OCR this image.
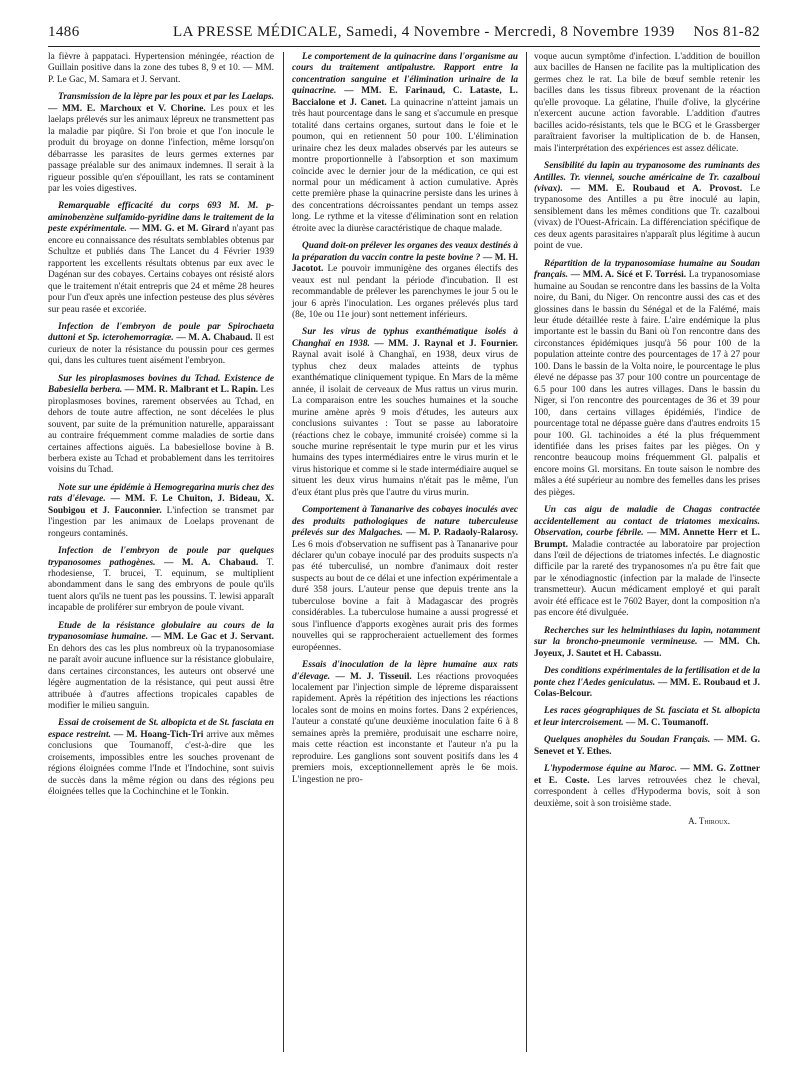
1486	LA PRESSE MÉDICALE, Samedi, 4 Novembre - Mercredi, 8 Novembre 1939 Nos 81-82

la fièvre à pappataci. Hypertension méningée, réaction de Guillain positive dans la zone des tubes 8, 9 et 10. — MM. P. Le Gac, M. Samara et J. Servant.

Transmission de la lèpre par les poux et par les Laelaps. — MM. E. Marchoux et V. Chorine. Les poux et les laelaps prélevés sur les animaux lépreux ne transmettent pas la maladie par piqûre. Si l'on broie et que l'on inocule le produit du broyage on donne l'infection, même lorsqu'on débarrasse les parasites de leurs germes externes par passage préalable sur des animaux indemnes. Il serait à la rigueur possible qu'en s'épouillant, les rats se contaminent par les voies digestives.

Remarquable efficacité du corps 693 M. M. p-aminobenzène sulfamido-pyridine dans le traitement de la peste expérimentale. — MM. G. et M. Girard n'ayant pas encore eu connaissance des résultats semblables obtenus par Schultze et publiés dans The Lancet du 4 Février 1939 rapportent les excellents résultats obtenus par eux avec le Dagénan sur des cobayes. Certains cobayes ont résisté alors que le traitement n'était entrepris que 24 et même 28 heures pour l'un d'eux après une infection pesteuse des plus sévères sur peau rasée et excoriée.

Infection de l'embryon de poule par Spirochaeta duttoni et Sp. icterohemorragiæ. — M. A. Chabaud. Il est curieux de noter la résistance du poussin pour ces germes qui, dans les cultures tuent aisément l'embryon.

Sur les piroplasmoses bovines du Tchad. Existence de Babesiella berbera. — MM. R. Malbrant et L. Rapin. Les piroplasmoses bovines, rarement observées au Tchad, en dehors de toute autre affection, ne sont décelées le plus souvent, par suite de la prémunition naturelle, apparaissant au contraire fréquemment comme maladies de sortie dans certaines affections aiguës. La babesiellose bovine à B. berbera existe au Tchad et probablement dans les territoires voisins du Tchad.

Note sur une épidémie à Hemogregarina muris chez des rats d'élevage. — MM. F. Le Chuiton, J. Bideau, X. Soubigou et J. Fauconnier. L'infection se transmet par l'ingestion par les animaux de Loelaps provenant de rongeurs contaminés.

Infection de l'embryon de poule par quelques trypanosomes pathogènes. — M. A. Chabaud. T. rhodesiense, T. brucei, T. equinum, se multiplient abondamment dans le sang des embryons de poule qu'ils tuent alors qu'ils ne tuent pas les poussins. T. lewisi apparaît incapable de proliférer sur embryon de poule vivant.

Etude de la résistance globulaire au cours de la trypanosomiase humaine. — MM. Le Gac et J. Servant. En dehors des cas les plus nombreux où la trypanosomiase ne paraît avoir aucune influence sur la résistance globulaire, dans certaines circonstances, les auteurs ont observé une légère augmentation de la résistance, qui peut aussi être attribuée à d'autres affections tropicales capables de modifier le milieu sanguin.

Essai de croisement de St. albopicta et de St. fasciata en espace restreint. — M. Hoang-Tich-Tri arrive aux mêmes conclusions que Toumanoff, c'est-à-dire que les croisements, impossibles entre les souches provenant de régions éloignées comme l'Inde et l'Indochine, sont suivis de succès dans la même région ou dans des régions peu éloignées telles que la Cochinchine et le Tonkin.

Le comportement de la quinacrine dans l'organisme au cours du traitement antipalustre. Rapport entre la concentration sanguine et l'élimination urinaire de la quinacrine. — MM. E. Farinaud, C. Lataste, L. Baccialone et J. Canet. La quinacrine n'atteint jamais un très haut pourcentage dans le sang et s'accumule en presque totalité dans certains organes, surtout dans le foie et le poumon, qui en retiennent 50 pour 100. L'élimination urinaire chez les deux malades observés par les auteurs se montre proportionnelle à l'absorption et son maximum coïncide avec le dernier jour de la médication, ce qui est normal pour un médicament à action cumulative. Après cette première phase la quinacrine persiste dans les urines à des concentrations décroissantes pendant un temps assez long. Le rythme et la vitesse d'élimination sont en relation étroite avec la diurèse caractéristique de chaque malade.

Quand doit-on prélever les organes des veaux destinés à la préparation du vaccin contre la peste bovine ? — M. H. Jacotot. Le pouvoir immunigène des organes électifs des veaux est nul pendant la période d'incubation. Il est recommandable de prélever les parenchymes le jour 5 ou le jour 6 après l'inoculation. Les organes prélevés plus tard (8e, 10e ou 11e jour) sont nettement inférieurs.

Sur les virus de typhus exanthématique isolés à Changhaï en 1938. — MM. J. Raynal et J. Fournier. Raynal avait isolé à Changhaï, en 1938, deux virus de typhus chez deux malades atteints de typhus exanthématique cliniquement typique. En Mars de la même année, il isolait de cerveaux de Mus rattus un virus murin. La comparaison entre les souches humaines et la souche murine amène après 9 mois d'études, les auteurs aux conclusions suivantes : Tout se passe au laboratoire (réactions chez le cobaye, immunité croisée) comme si la souche murine représentait le type murin pur et les virus humains des types intermédiaires entre le virus murin et le virus historique et comme si le stade intermédiaire auquel se situent les deux virus humains n'était pas le même, l'un d'eux étant plus près que l'autre du virus murin.

Comportement à Tananarive des cobayes inoculés avec des produits pathologiques de nature tuberculeuse prélevés sur des Malgaches. — M. P. Radaoly-Ralarosy. Les 6 mois d'observation ne suffisent pas à Tananarive pour déclarer qu'un cobaye inoculé par des produits suspects n'a pas été tuberculisé, un nombre d'animaux doit rester suspects au bout de ce délai et une infection expérimentale a duré 358 jours. L'auteur pense que depuis trente ans la tuberculose bovine a fait à Madagascar des progrès considérables. La tuberculose humaine a aussi progressé et sous l'influence d'apports exogènes aurait pris des formes nouvelles qui se rapprocheraient actuellement des formes européennes.

Essais d'inoculation de la lèpre humaine aux rats d'élevage. — M. J. Tisseuil. Les réactions provoquées localement par l'injection simple de lépreme disparaissent rapidement. Après la répétition des injections les réactions locales sont de moins en moins fortes. Dans 2 expériences, l'auteur a constaté qu'une deuxième inoculation faite 6 à 8 semaines après la première, produisait une escharre noire, mais cette réaction est inconstante et l'auteur n'a pu la reproduire. Les ganglions sont souvent positifs dans les 4 premiers mois, exceptionnellement après le 6e mois. L'ingestion ne pro-

voque aucun symptôme d'infection. L'addition de bouillon aux bacilles de Hansen ne facilite pas la multiplication des germes chez le rat. La bile de bœuf semble retenir les bacilles dans les tissus fibreux provenant de la réaction qu'elle provoque. La gélatine, l'huile d'olive, la glycérine n'exercent aucune action favorable. L'addition d'autres bacilles acido-résistants, tels que le BCG et le Grassberger paraîtraient favoriser la multiplication de b. de Hansen, mais l'interprétation des expériences est assez délicate.

Sensibilité du lapin au trypanosome des ruminants des Antilles. Tr. viennei, souche américaine de Tr. cazalboui (vivax). — MM. E. Roubaud et A. Provost. Le trypanosome des Antilles a pu être inoculé au lapin, sensiblement dans les mêmes conditions que Tr. cazalboui (vivax) de l'Ouest-Africain. La différenciation spécifique de ces deux agents parasitaires n'apparaît plus légitime à aucun point de vue.

Répartition de la trypanosomiase humaine au Soudan français. — MM. A. Sicé et F. Torrési. La trypanosomiase humaine au Soudan se rencontre dans les bassins de la Volta noire, du Bani, du Niger. On rencontre aussi des cas et des glossines dans le bassin du Sénégal et de la Falémé, mais leur étude détaillée reste à faire. L'aire endémique la plus importante est le bassin du Bani où l'on rencontre dans des circonstances épidémiques jusqu'à 56 pour 100 de la population atteinte contre des pourcentages de 17 à 27 pour 100. Dans le bassin de la Volta noire, le pourcentage le plus élevé ne dépasse pas 37 pour 100 contre un pourcentage de 6.5 pour 100 dans les autres villages. Dans le bassin du Niger, si l'on rencontre des pourcentages de 36 et 39 pour 100, dans certains villages épidémiés, l'indice de pourcentage total ne dépasse guère dans d'autres endroits 15 pour 100. Gl. tachinoides a été la plus fréquemment identifiée dans les prises faites par les pièges. On y rencontre beaucoup moins fréquemment Gl. palpalis et encore moins Gl. morsitans. En toute saison le nombre des mâles a été supérieur au nombre des femelles dans les prises des pièges.

Un cas aigu de maladie de Chagas contractée accidentellement au contact de triatomes mexicains. Observation, courbe fébrile. — MM. Annette Herr et L. Brumpt. Maladie contractée au laboratoire par projection dans l'œil de déjections de triatomes infectés. Le diagnostic difficile par la rareté des trypanosomes n'a pu être fait que par le xénodiagnostic (infection par la malade de l'insecte transmetteur). Aucun médicament employé et qui paraît avoir été efficace est le 7602 Bayer, dont la composition n'a pas encore été divulguée.

Recherches sur les helminthiases du lapin, notamment sur la broncho-pneumonie vermineuse. — MM. Ch. Joyeux, J. Sautet et H. Cabassu.

Des conditions expérimentales de la fertilisation et de la ponte chez l'Aedes geniculatus. — MM. E. Roubaud et J. Colas-Belcour.

Les races géographiques de St. fasciata et St. albopicta et leur intercroisement. — M. C. Toumanoff.

Quelques anophèles du Soudan Français. — MM. G. Senevet et Y. Ethes.

L'hypodermose équine au Maroc. — MM. G. Zottner et E. Coste. Les larves retrouvées chez le cheval, correspondent à celles d'Hypoderma bovis, soit à son deuxième, soit à son troisième stade.

A. Thiroux.
